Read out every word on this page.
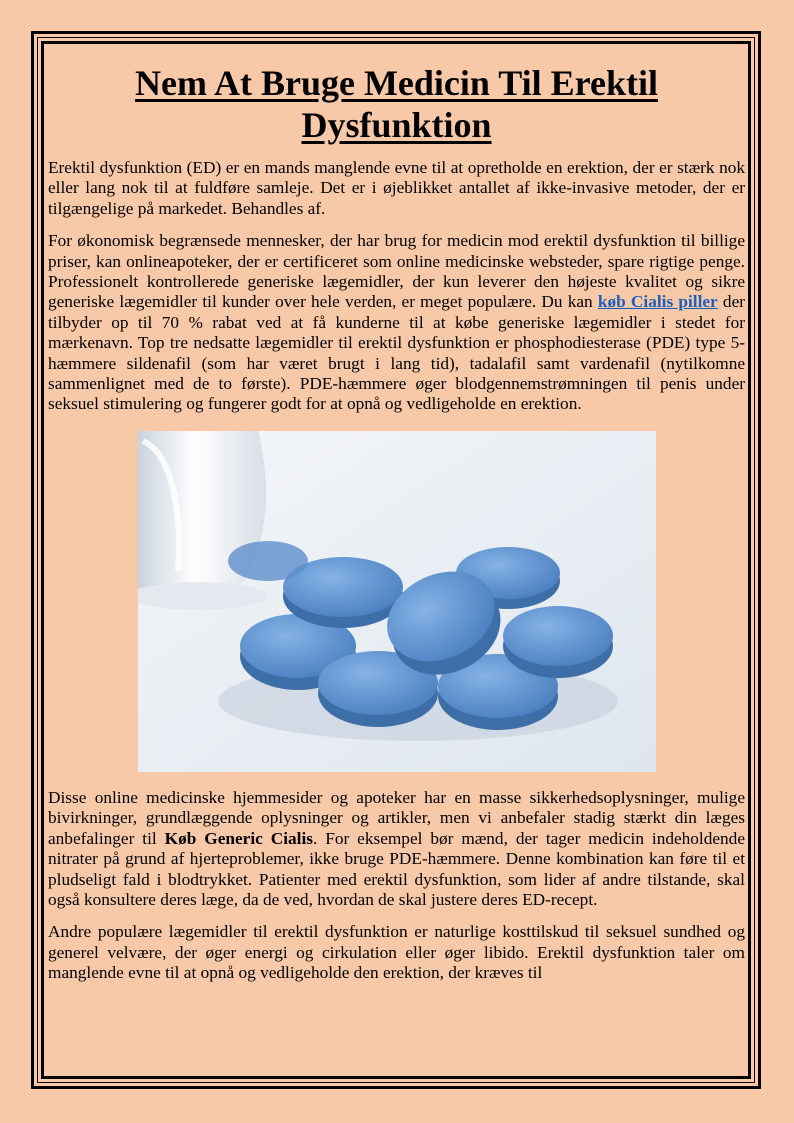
Nem At Bruge Medicin Til Erektil
Dysfunktion

Erektil dysfunktion (ED) er en mands manglende evne til at opretholde en erektion, der er stærk nok eller lang nok til at fuldføre samleje. Det er i øjeblikket antallet af ikke-invasive metoder, der er tilgængelige på markedet. Behandles af.

For økonomisk begrænsede mennesker, der har brug for medicin mod erektil dysfunktion til billige priser, kan onlineapoteker, der er certificeret som online medicinske websteder, spare rigtige penge. Professionelt kontrollerede generiske lægemidler, der kun leverer den højeste kvalitet og sikre generiske lægemidler til kunder over hele verden, er meget populære. Du kan køb Cialis piller der tilbyder op til 70 % rabat ved at få kunderne til at købe generiske lægemidler i stedet for mærkenavn. Top tre nedsatte lægemidler til erektil dysfunktion er phosphodiesterase (PDE) type 5-hæmmere sildenafil (som har været brugt i lang tid), tadalafil samt vardenafil (nytilkomne sammenlignet med de to første). PDE-hæmmere øger blodgennemstrømningen til penis under seksuel stimulering og fungerer godt for at opnå og vedligeholde en erektion.

Disse online medicinske hjemmesider og apoteker har en masse sikkerhedsoplysninger, mulige bivirkninger, grundlæggende oplysninger og artikler, men vi anbefaler stadig stærkt din læges anbefalinger til Køb Generic Cialis. For eksempel bør mænd, der tager medicin indeholdende nitrater på grund af hjerteproblemer, ikke bruge PDE-hæmmere. Denne kombination kan føre til et pludseligt fald i blodtrykket. Patienter med erektil dysfunktion, som lider af andre tilstande, skal også konsultere deres læge, da de ved, hvordan de skal justere deres ED-recept.

Andre populære lægemidler til erektil dysfunktion er naturlige kosttilskud til seksuel sundhed og generel velvære, der øger energi og cirkulation eller øger libido. Erektil dysfunktion taler om manglende evne til at opnå og vedligeholde den erektion, der kræves til
